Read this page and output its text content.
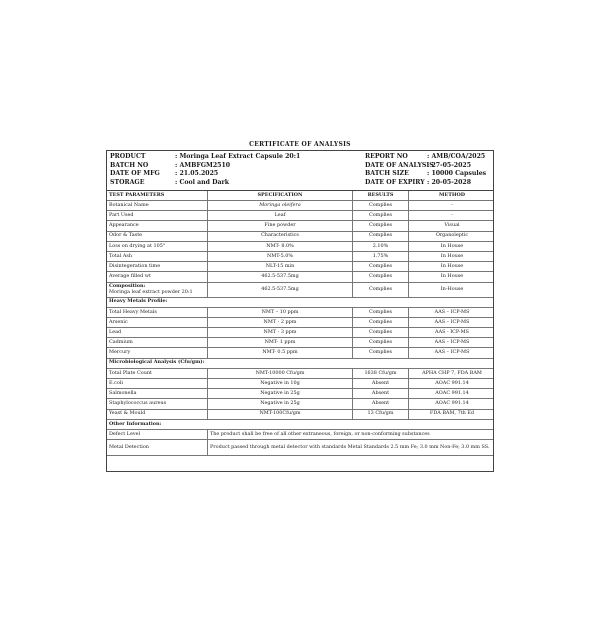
CERTIFICATE OF ANALYSIS
PRODUCT	: Moringa Leaf Extract Capsule 20:1
BATCH NO	: AMBFGM2510
DATE OF MFG : 21.05.2025
STORAGE	: Cool and Dark
REPORT NO	: AMB/COA/2025
DATE OF ANALYSIS
: 27-05-2025
BATCH SIZE	: 10000 Capsules
DATE OF EXPIRY : 20-05-2028
TEST PARAMETERS	SPECIFICATION	RESULTS	METHOD
Botanical Name	Moringa oleifera	Complies	-
Part Used	Leaf	Complies	-
Appearance	Fine powder	Complies	Visual
Odor & Taste	Characteristics	Complies	Organoleptic
Loss on drying at 105°	NMT- 8.0%	2.10%	In House
Total Ash	NMT-5.0%	1.75%	In House
Disintegeration time	NLT-15 min	Complies	In House
Average filled wt	462.5-537.5mg	Complies	In House
Composition:
Moringa leaf extract powder 20:1	462.5-537.5mg	Complies	In-House
Heavy Metals Profile:
Total Heavy Metals	NMT – 10 ppm	Complies	AAS – ICP-MS
Arsenic	NMT - 2 ppm	Complies	AAS – ICP-MS
Lead	NMT - 3 ppm	Complies	AAS - ICP-MS
Cadmium	NMT- 1 ppm	Complies	AAS – ICP-MS
Mercury	NMT- 0.5 ppm	Complies	AAS – ICP-MS
Microbiological Analysis (Cfu/gm):
Total Plate Count	NMT-10000 Cfu/gm	1638 Cfu/gm	APHA CHP 7, FDA BAM
E.coli	Negative in 10g	Absent	AOAC 991.14
Salmonella	Negative in 25g	Absent	AOAC 991.14
Staphylococcus aureus	Negative in 25g	Absent	AOAC 991.14
Yeast & Mould	NMT-100Cfu/gm	13 Cfu/gm	FDA BAM, 7th Ed
Other Information:
Defect Level	The product shall be free of all other extraneous, foreign, or non-conforming substances
Metal Detection	Product passed through metal detector with standards Metal Standards 2.5 mm Fe; 3.0 mm Non-Fe; 3.0 mm SS.
